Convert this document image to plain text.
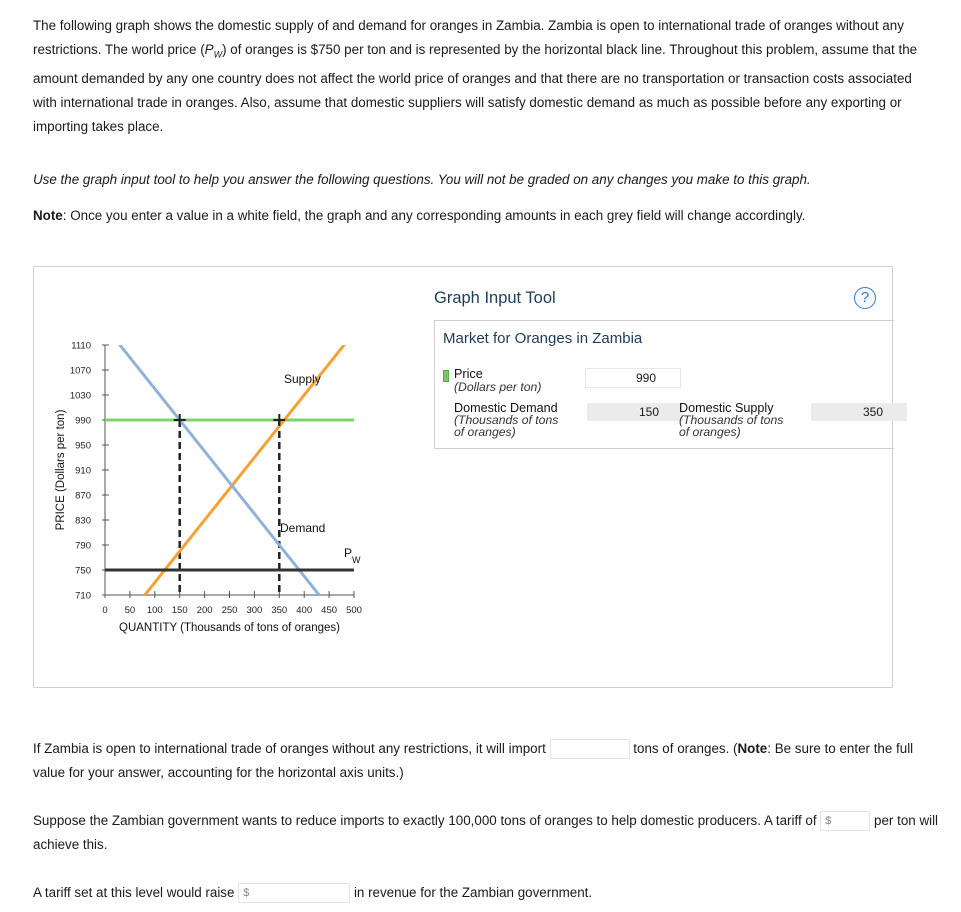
The following graph shows the domestic supply of and demand for oranges in Zambia. Zambia is open to international trade of oranges without any restrictions. The world price $(P_W)$ of oranges is $750 per ton and is represented by the horizontal black line. Throughout this problem, assume that the amount demanded by any one country does not affect the world price of oranges and that there are no transportation or transaction costs associated with international trade in oranges. Also, assume that domestic suppliers will satisfy domestic demand as much as possible before any exporting or importing takes place.

Use the graph input tool to help you answer the following questions. You will not be graded on any changes you make to this graph.

Note: Once you enter a value in a white field, the graph and any corresponding amounts in each grey field will change accordingly.

710
750
790
830
870
910
950
990
1030
1070
1110
0 50 100 150 200 250 300 350 400 450 500
QUANTITY (Thousands of tons of oranges)
PRICE (Dollars per ton)
Supply
Demand
P W
Graph Input Tool	?
Market for Oranges in Zambia
Price
(Dollars per ton)
990
Domestic Demand
(Thousands of tons
of oranges)
150	Domestic Supply
(Thousands of tons
of oranges)
350

If Zambia is open to international trade of oranges without any restrictions, it will import	tons of oranges. (Note: Be sure to enter the full value for your answer, accounting for the horizontal axis units.)

Suppose the Zambian government wants to reduce imports to exactly 100,000 tons of oranges to help domestic producers. A tariff of $	per ton will achieve this.

A tariff set at this level would raise $	in revenue for the Zambian government.
